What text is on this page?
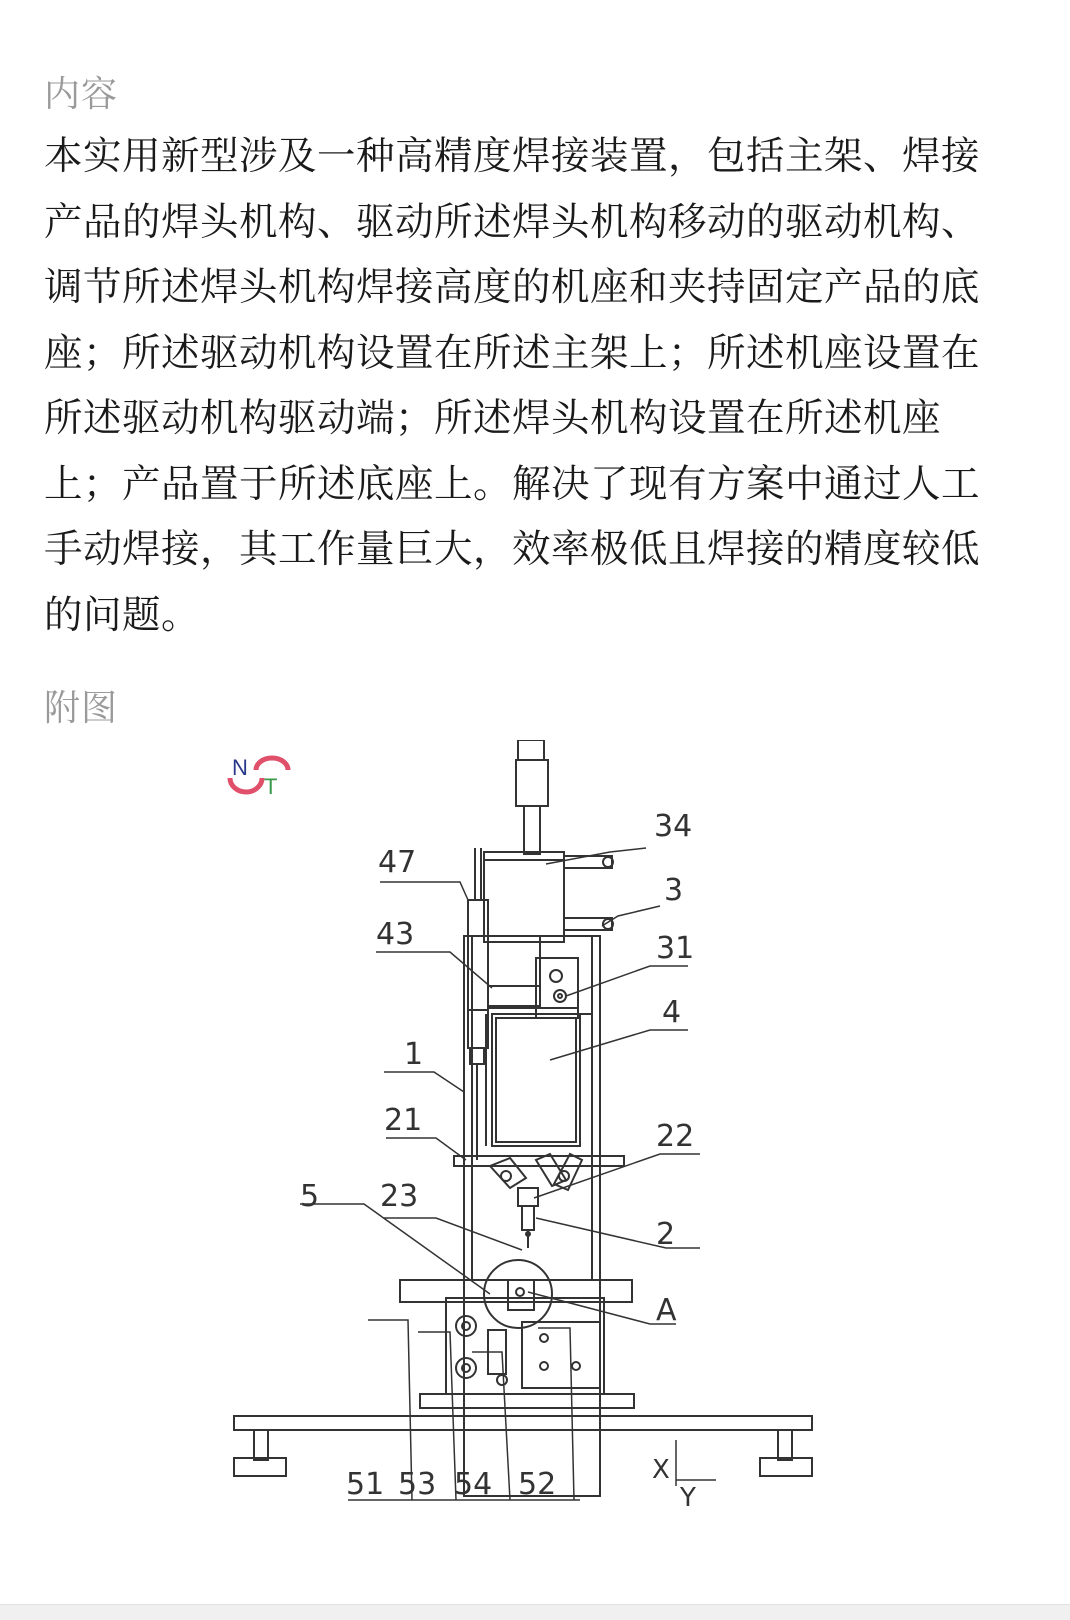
内容

本实用新型涉及一种高精度焊接装置，包括主架、焊接产品的焊头机构、驱动所述焊头机构移动的驱动机构、调节所述焊头机构焊接高度的机座和夹持固定产品的底座；所述驱动机构设置在所述主架上；所述机座设置在所述驱动机构驱动端；所述焊头机构设置在所述机座上；产品置于所述底座上。解决了现有方案中通过人工手动焊接，其工作量巨大，效率极低且焊接的精度较低的问题。

附图
N
T
34
47
3
43	31
4
1
21	22
5 23
2
A
51 53 54 52	X
Y
